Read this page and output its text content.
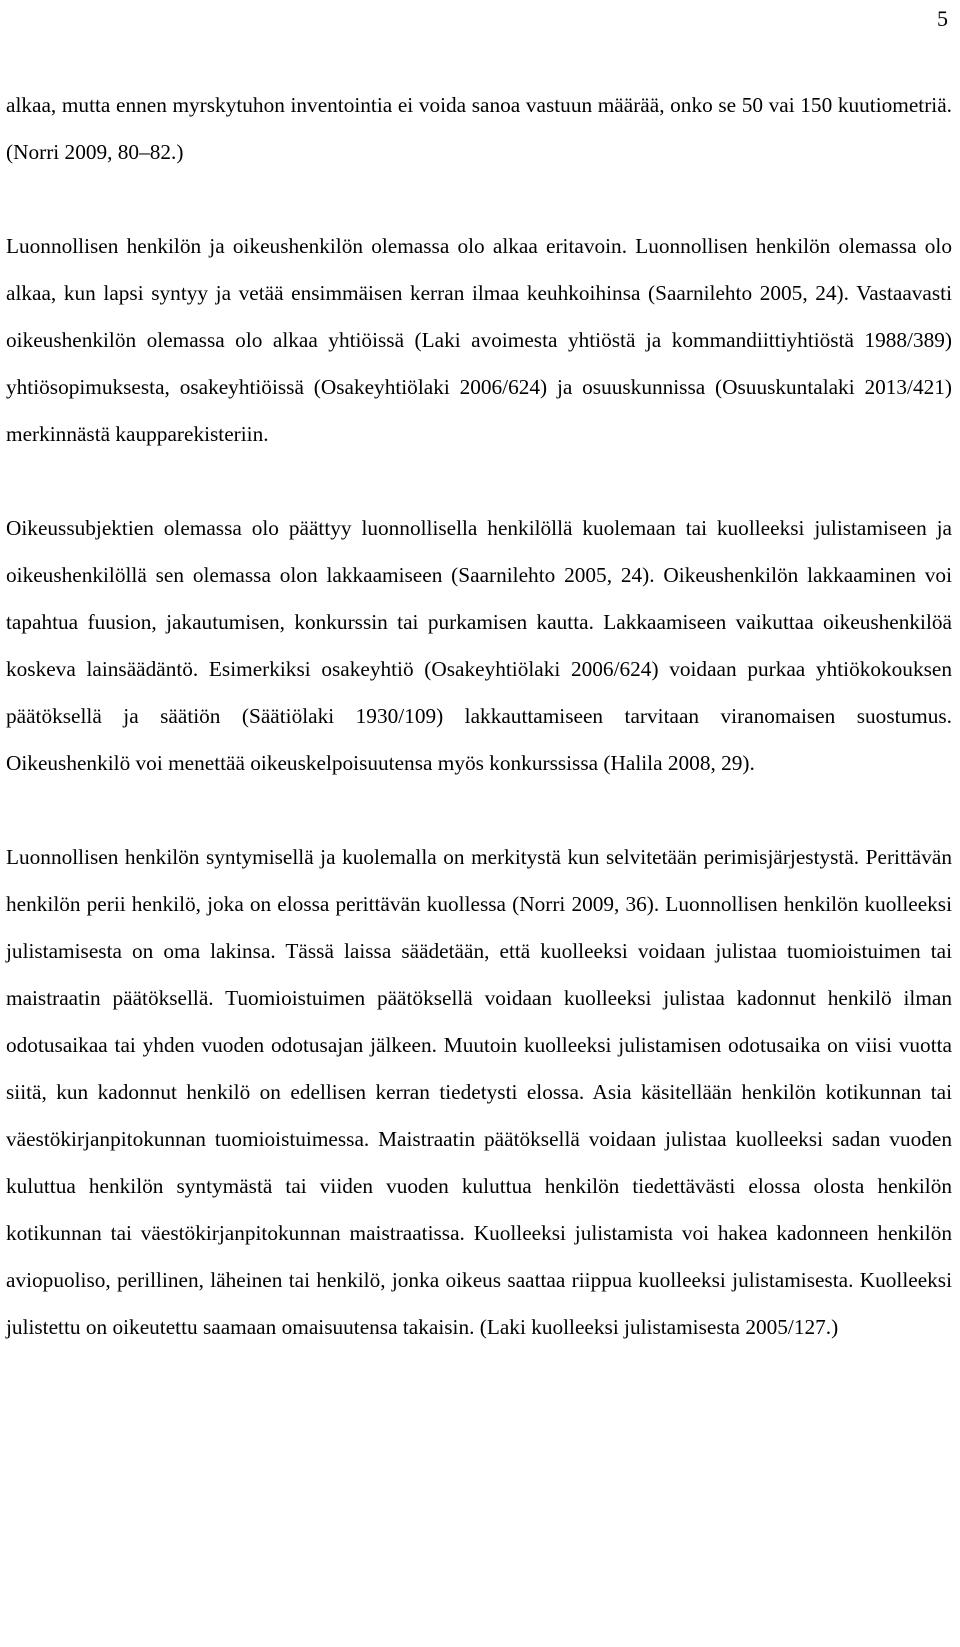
5

alkaa, mutta ennen myrskytuhon inventointia ei voida sanoa vastuun määrää, onko se 50 vai 150 kuutiometriä. (Norri 2009, 80–82.)

Luonnollisen henkilön ja oikeushenkilön olemassa olo alkaa eritavoin. Luonnollisen henkilön olemassa olo alkaa, kun lapsi syntyy ja vetää ensimmäisen kerran ilmaa keuhkoihinsa (Saarnilehto 2005, 24). Vastaavasti oikeushenkilön olemassa olo alkaa yhtiöissä (Laki avoimesta yhtiöstä ja kommandiittiyhtiöstä 1988/389) yhtiösopimuksesta, osakeyhtiöissä (Osakeyhtiölaki 2006/624) ja osuuskunnissa (Osuuskuntalaki 2013/421) merkinnästä kaupparekisteriin.

Oikeussubjektien olemassa olo päättyy luonnollisella henkilöllä kuolemaan tai kuolleeksi julistamiseen ja oikeushenkilöllä sen olemassa olon lakkaamiseen (Saarnilehto 2005, 24). Oikeushenkilön lakkaaminen voi tapahtua fuusion, jakautumisen, konkurssin tai purkamisen kautta. Lakkaamiseen vaikuttaa oikeushenkilöä koskeva lainsäädäntö. Esimerkiksi osakeyhtiö (Osakeyhtiölaki 2006/624) voidaan purkaa yhtiökokouksen päätöksellä ja säätiön (Säätiölaki 1930/109) lakkauttamiseen tarvitaan viranomaisen suostumus. Oikeushenkilö voi menettää oikeuskelpoisuutensa myös konkurssissa (Halila 2008, 29).

Luonnollisen henkilön syntymisellä ja kuolemalla on merkitystä kun selvitetään perimisjärjestystä. Perittävän henkilön perii henkilö, joka on elossa perittävän kuollessa (Norri 2009, 36). Luonnollisen henkilön kuolleeksi julistamisesta on oma lakinsa. Tässä laissa säädetään, että kuolleeksi voidaan julistaa tuomioistuimen tai maistraatin päätöksellä. Tuomioistuimen päätöksellä voidaan kuolleeksi julistaa kadonnut henkilö ilman odotusaikaa tai yhden vuoden odotusajan jälkeen. Muutoin kuolleeksi julistamisen odotusaika on viisi vuotta siitä, kun kadonnut henkilö on edellisen kerran tiedetysti elossa. Asia käsitellään henkilön kotikunnan tai väestökirjanpitokunnan tuomioistuimessa. Maistraatin päätöksellä voidaan julistaa kuolleeksi sadan vuoden kuluttua henkilön syntymästä tai viiden vuoden kuluttua henkilön tiedettävästi elossa olosta henkilön kotikunnan tai väestökirjanpitokunnan maistraatissa. Kuolleeksi julistamista voi hakea kadonneen henkilön aviopuoliso, perillinen, läheinen tai henkilö, jonka oikeus saattaa riippua kuolleeksi julistamisesta. Kuolleeksi julistettu on oikeutettu saamaan omaisuutensa takaisin. (Laki kuolleeksi julistamisesta 2005/127.)
